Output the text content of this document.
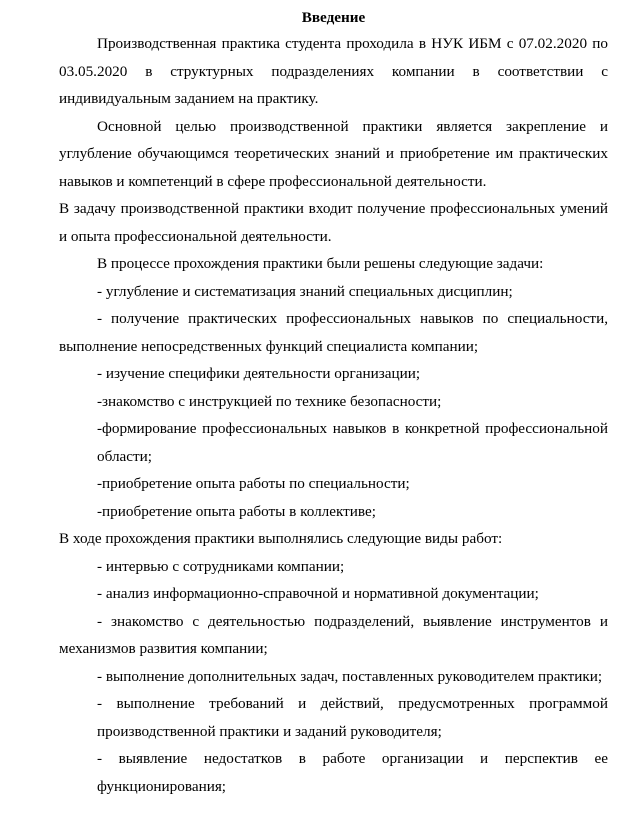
Введение

Производственная практика студента проходила в НУК ИБМ с 07.02.2020 по 03.05.2020 в структурных подразделениях компании в соответствии с индивидуальным заданием на практику.

Основной целью производственной практики является закрепление и углубление обучающимся теоретических знаний и приобретение им практических навыков и компетенций в сфере профессиональной деятельности.

В задачу производственной практики входит получение профессиональных умений и опыта профессиональной деятельности.

В процессе прохождения практики были решены следующие задачи:

- углубление и систематизация знаний специальных дисциплин;

- получение практических профессиональных навыков по специальности, выполнение непосредственных функций специалиста компании;

- изучение специфики деятельности организации;

-знакомство с инструкцией по технике безопасности;

-формирование профессиональных навыков в конкретной профессиональной области;

-приобретение опыта работы по специальности;

-приобретение опыта работы в коллективе;

В ходе прохождения практики выполнялись следующие виды работ:

- интервью с сотрудниками компании;

- анализ информационно-справочной и нормативной документации;

- знакомство с деятельностью подразделений, выявление инструментов и механизмов развития компании;

- выполнение дополнительных задач, поставленных руководителем практики;

- выполнение требований и действий, предусмотренных программой производственной практики и заданий руководителя;

- выявление недостатков в работе организации и перспектив ее функционирования;
